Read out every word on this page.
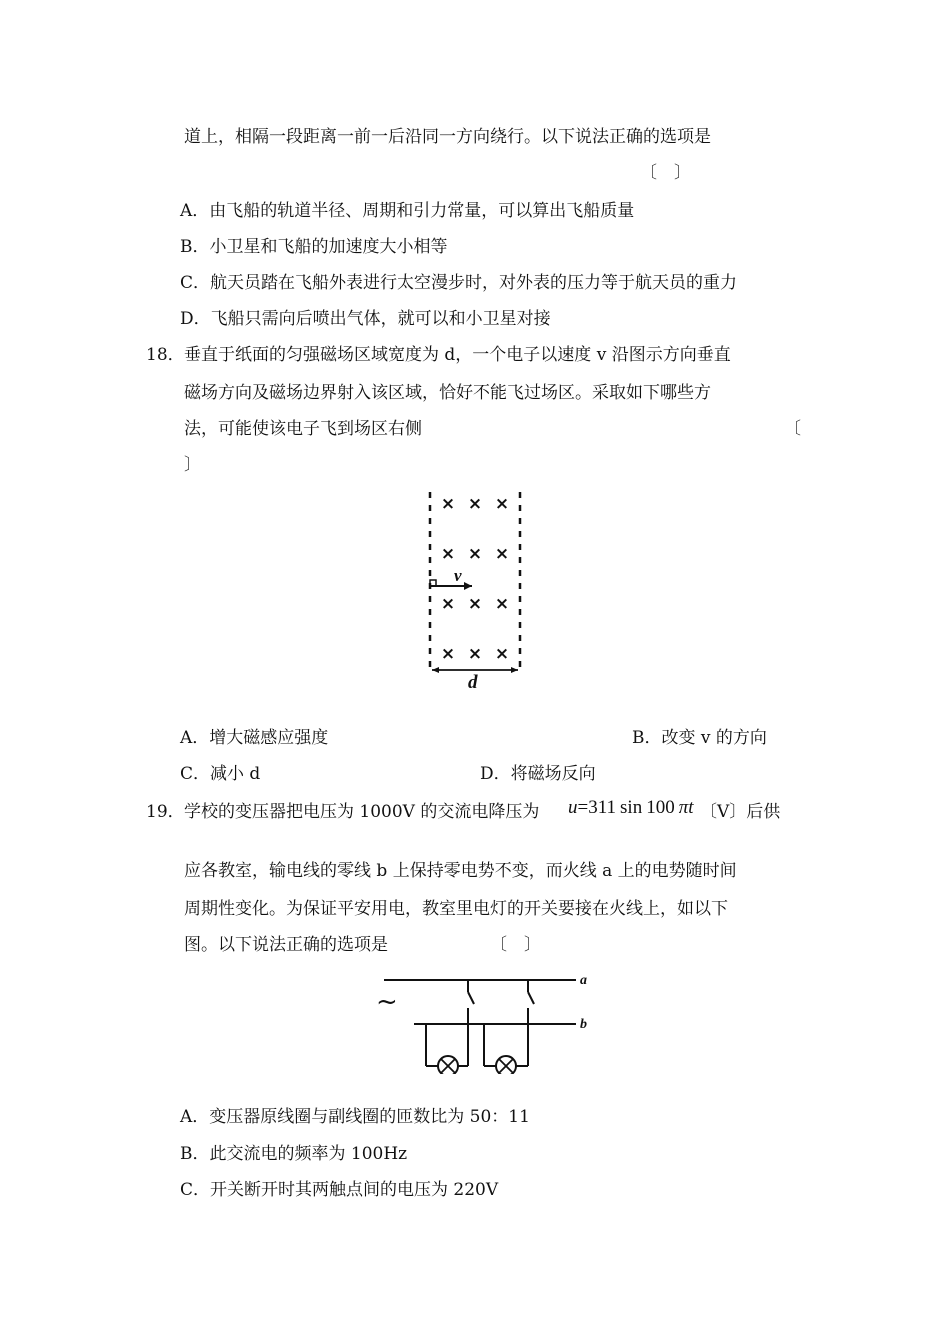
道上，相隔一段距离一前一后沿同一方向绕行。以下说法正确的选项是
〔　〕
A．由飞船的轨道半径、周期和引力常量，可以算出飞船质量
B．小卫星和飞船的加速度大小相等
C．航天员踏在飞船外表进行太空漫步时，对外表的压力等于航天员的重力
D．飞船只需向后喷出气体，就可以和小卫星对接
18． 垂直于纸面的匀强磁场区域宽度为 d，一个电子以速度 v 沿图示方向垂直
磁场方向及磁场边界射入该区域，恰好不能飞过场区。采取如下哪些方
法，可能使该电子飞到场区右侧	〔
〕
× × ×
× × ×
× × ×
× × ×
v
d
A．增大磁感应强度	B．改变 v 的方向
C．减小 d	D．将磁场反向
19． 学校的变压器把电压为 1000V 的交流电降压为 u=311 sin 100 πt 〔V〕后供
应各教室，输电线的零线 b 上保持零电势不变，而火线 a 上的电势随时间
周期性变化。为保证平安用电，教室里电灯的开关要接在火线上，如以下
图。以下说法正确的选项是	〔　〕
a
b
~
A．变压器原线圈与副线圈的匝数比为 50：11
B．此交流电的频率为 100Hz
C．开关断开时其两触点间的电压为 220V
